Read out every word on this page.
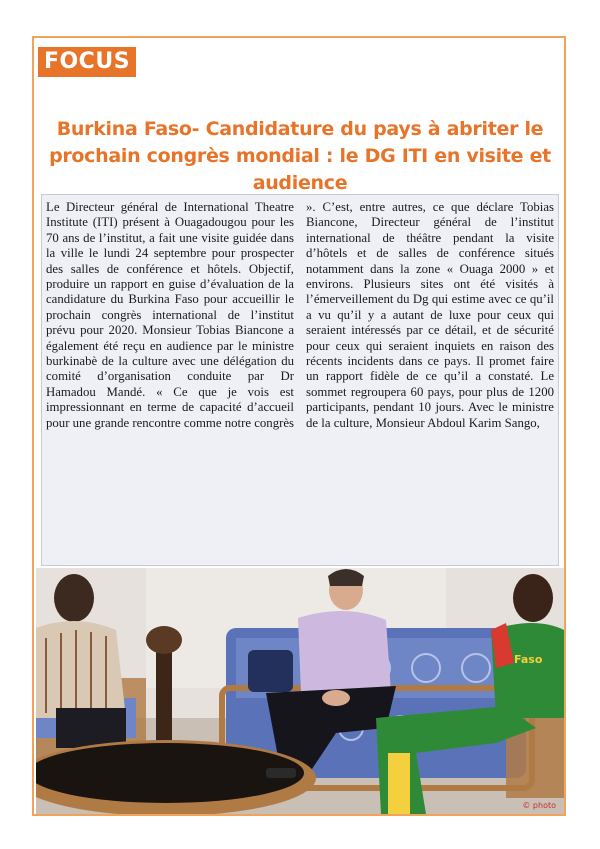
FOCUS
Burkina Faso- Candidature du pays à abriter le prochain congrès mondial : le DG ITI en visite et audience

Le Directeur général de International Theatre Institute (ITI) présent à Ouagadougou pour les 70 ans de l’institut, a fait une visite guidée dans la ville le lundi 24 septembre pour prospecter des salles de conférence et hôtels. Objectif, produire un rapport en guise d’évaluation de la candidature du Burkina Faso pour accueillir le prochain congrès international de l’institut prévu pour 2020. Monsieur Tobias Biancone a également été reçu en audience par le ministre burkinabè de la culture avec une délégation du comité d’organisation conduite par Dr Hamadou Mandé. « Ce que je vois est impressionnant en terme de capacité d’accueil pour une grande rencontre comme notre congrès

». C’est, entre autres, ce que déclare Tobias Biancone, Directeur général de l’institut international de théâtre pendant la visite d’hôtels et de salles de conférence situés notamment dans la zone « Ouaga 2000 » et environs. Plusieurs sites ont été visités à l’émerveillement du Dg qui estime avec ce qu’il a vu qu’il y a autant de luxe pour ceux qui seraient intéressés par ce détail, et de sécurité pour ceux qui seraient inquiets en raison des récents incidents dans ce pays. Il promet faire un rapport fidèle de ce qu’il a constaté. Le sommet regroupera 60 pays, pour plus de 1200 participants, pendant 10 jours. Avec le ministre de la culture, Monsieur Abdoul Karim Sango,

Faso
© photo
